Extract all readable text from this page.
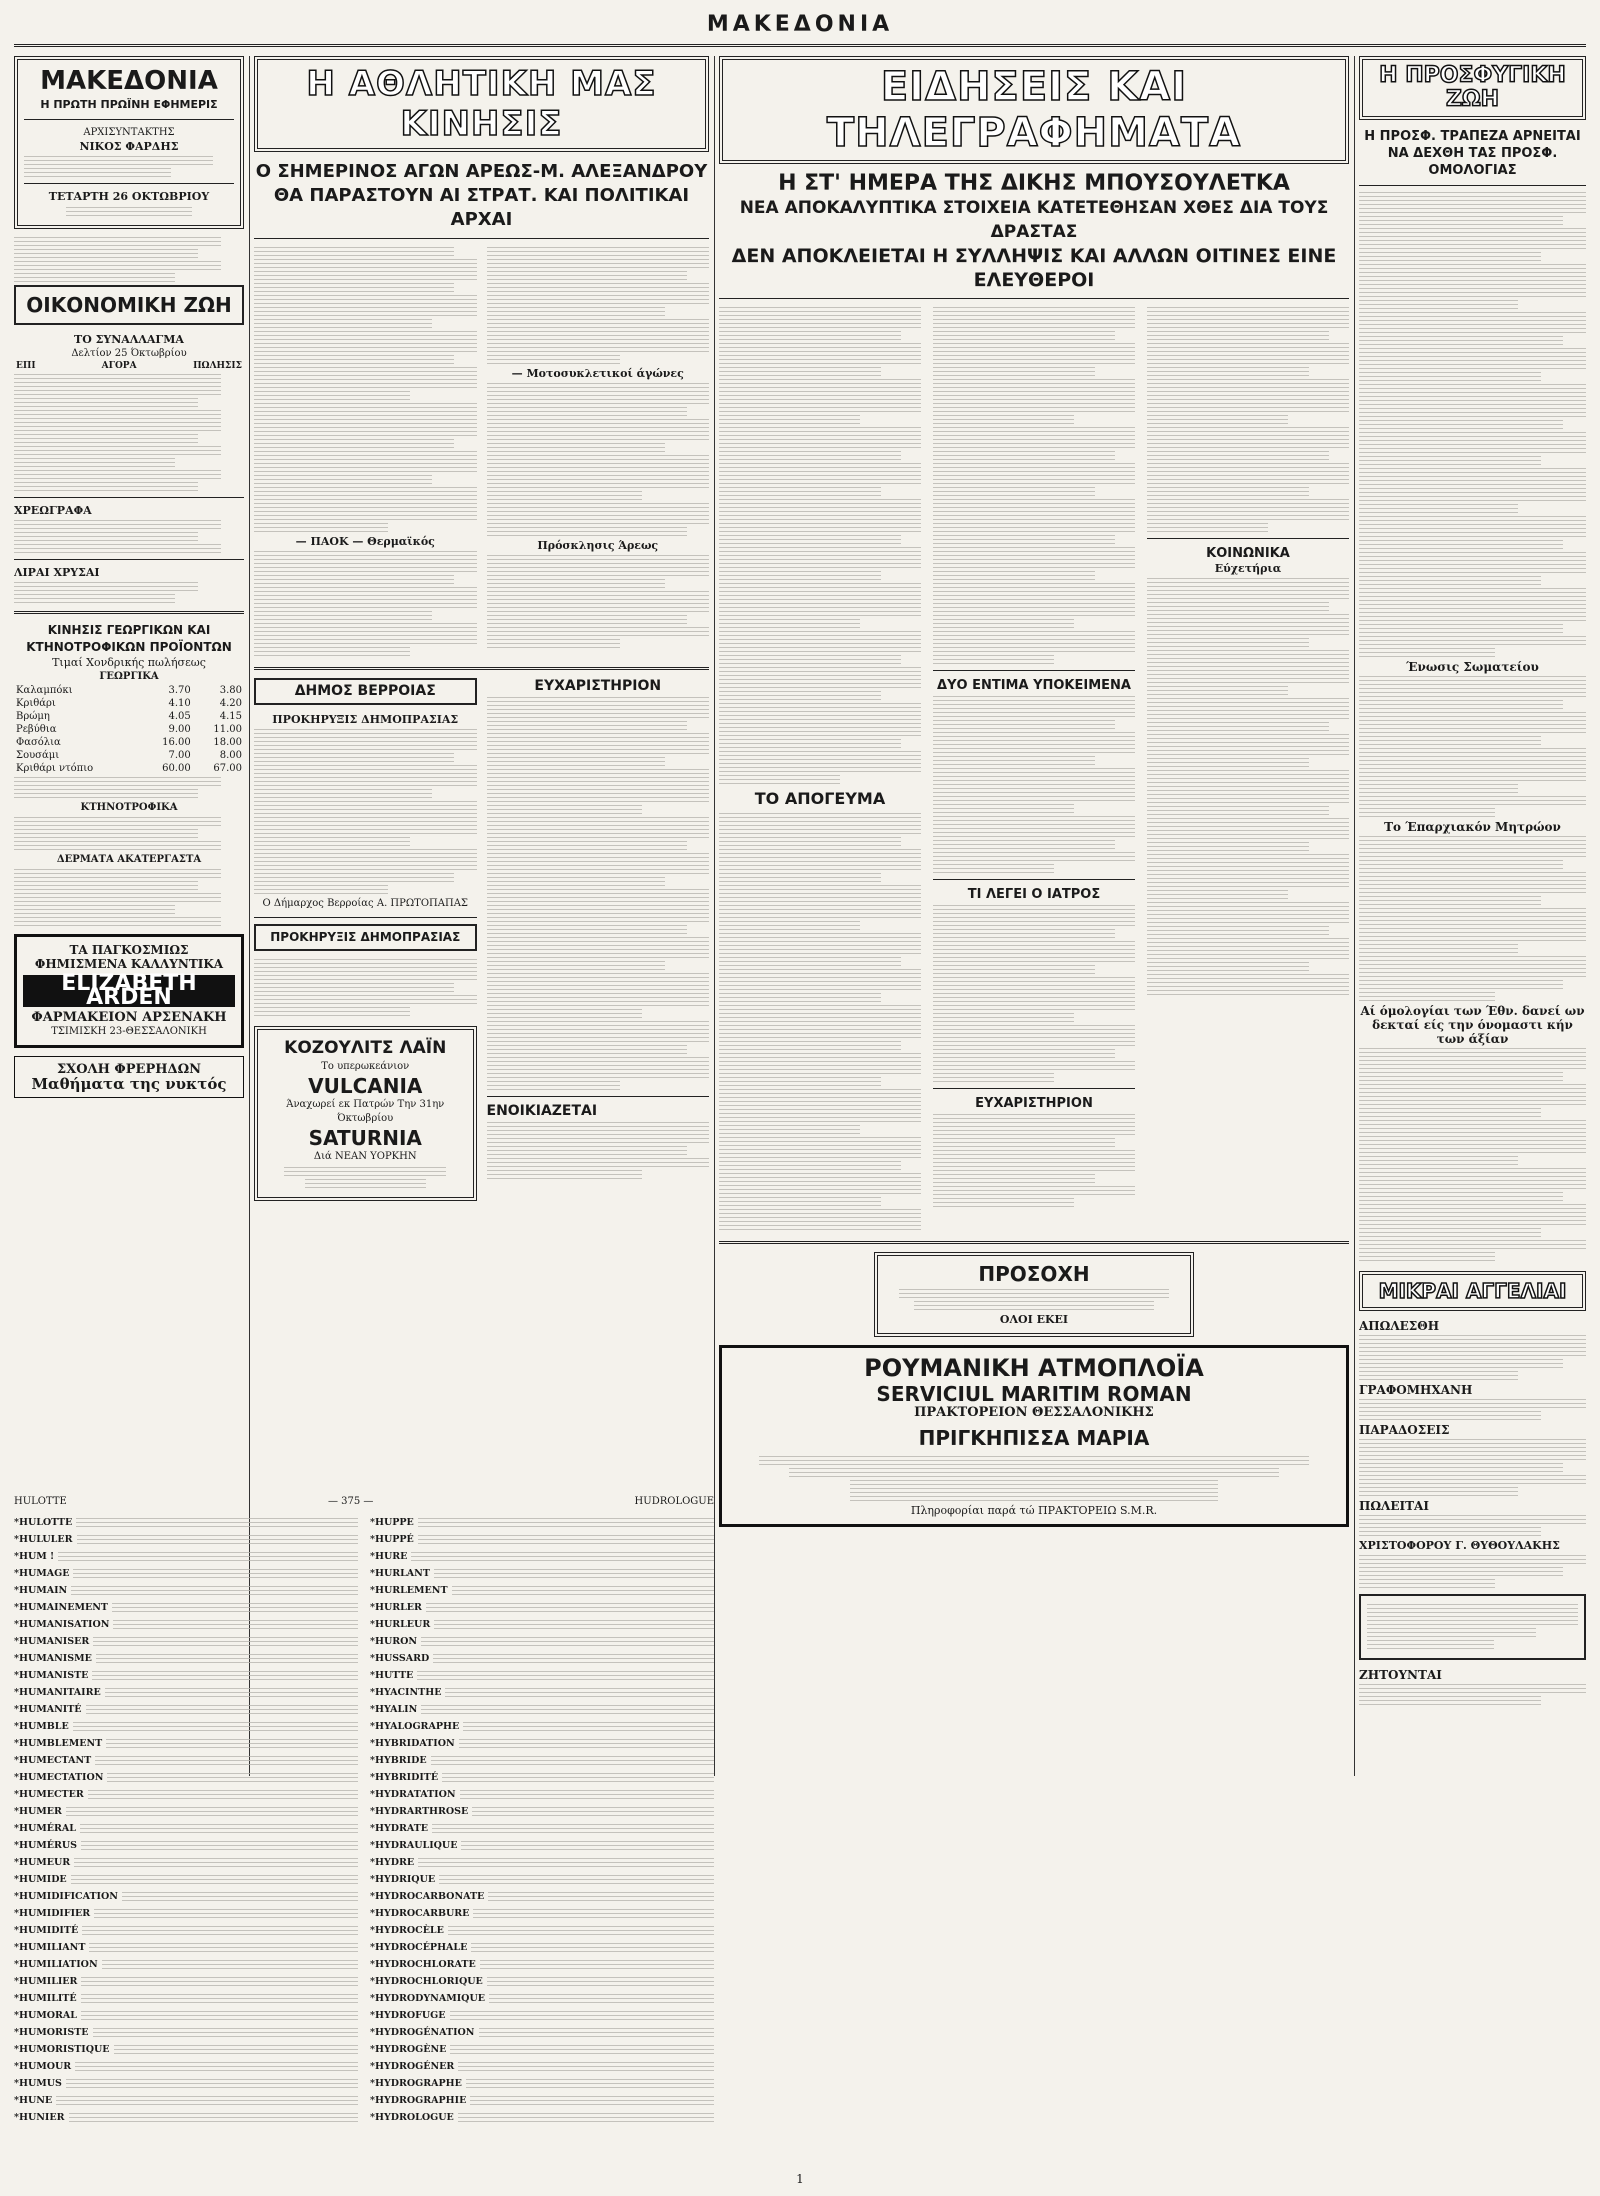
ΜΑΚΕΔΟΝΙΑ
ΜΑΚΕΔΟΝΙΑ
Η ΠΡΩΤΗ ΠΡΩΪΝΗ ΕΦΗΜΕΡΙΣ
ΑΡΧΙΣΥΝΤΑΚΤΗΣ
ΝΙΚΟΣ ΦΑΡΔΗΣ
ΤΕΤΑΡΤΗ 26 ΟΚΤΩΒΡΙΟΥ
ΟΙΚΟΝΟΜΙΚΗ ΖΩΗ
ΤΟ ΣΥΝΑΛΛΑΓΜΑ
Δελτίον 25 Όκτωβρίου
ΕΠΙ	ΑΓΟΡΑ	ΠΩΛΗΣΙΣ
ΧΡΕΩΓΡΑΦΑ
ΛΙΡΑΙ ΧΡΥΣΑΙ
ΚΙΝΗΣΙΣ ΓΕΩΡΓΙΚΩΝ ΚΑΙ ΚΤΗΝΟΤΡΟΦΙΚΩΝ ΠΡΟΪΟΝΤΩΝ
Τιμαί Χονδρικής πωλήσεως
ΓΕΩΡΓΙΚΑ
Καλαμπόκι	3.70	3.80
Κριθάρι	4.10	4.20
Βρώμη	4.05	4.15
Ρεβύθια	9.00	11.00
Φασόλια	16.00	18.00
Σουσάμι	7.00	8.00
Κριθάρι ντόπιο	60.00	67.00
ΚΤΗΝΟΤΡΟΦΙΚΑ
ΔΕΡΜΑΤΑ ΑΚΑΤΕΡΓΑΣΤΑ
ΤΑ ΠΑΓΚΟΣΜΙΩΣ ΦΗΜΙΣΜΕΝΑ ΚΑΛΛΥΝΤΙΚΑ
ELIZABETH ARDEN
ΦΑΡΜΑΚΕΙΟΝ ΑΡΣΕΝΑΚΗ
ΤΣΙΜΙΣΚΗ 23-ΘΕΣΣΑΛΟΝΙΚΗ
ΣΧΟΛΗ ΦΡΕΡΗΔΩΝ
Μαθήματα της νυκτός
Η ΑΘΛΗΤΙΚΗ ΜΑΣ ΚΙΝΗΣΙΣ
Ο ΣΗΜΕΡΙΝΟΣ ΑΓΩΝ ΑΡΕΩΣ-Μ. ΑΛΕΞΑΝΔΡΟΥ
ΘΑ ΠΑΡΑΣΤΟΥΝ ΑΙ ΣΤΡΑΤ. ΚΑΙ ΠΟΛΙΤΙΚΑΙ ΑΡΧΑΙ
— ΠΑΟΚ — Θερμαϊκός
— Μοτοσυκλετικοί άγώνες
Πρόσκλησις Άρεως
ΔΗΜΟΣ ΒΕΡΡΟΙΑΣ
ΠΡΟΚΗΡΥΞΙΣ ΔΗΜΟΠΡΑΣΙΑΣ
Ο Δήμαρχος Βερροίας Α. ΠΡΩΤΟΠΑΠΑΣ
ΠΡΟΚΗΡΥΞΙΣ ΔΗΜΟΠΡΑΣΙΑΣ
ΚΟΖΟΥΛΙΤΣ ΛΑΪΝ
Το υπερωκεάνιον
VULCANIA
Άναχωρεί εκ Πατρών Την 31ην Όκτωβρίου
SATURNIA
Διά ΝΕΑΝ ΥΟΡΚΗΝ
ΕΥΧΑΡΙΣΤΗΡΙΟΝ
ΕΝΟΙΚΙΑΖΕΤΑΙ
ΕΙΔΗΣΕΙΣ ΚΑΙ ΤΗΛΕΓΡΑΦΗΜΑΤΑ
Η ΣΤ' ΗΜΕΡΑ ΤΗΣ ΔΙΚΗΣ ΜΠΟΥΣΟΥΛΕΤΚΑ
ΝΕΑ ΑΠΟΚΑΛΥΠΤΙΚΑ ΣΤΟΙΧΕΙΑ ΚΑΤΕΤΕΘΗΣΑΝ ΧΘΕΣ ΔΙΑ ΤΟΥΣ ΔΡΑΣΤΑΣ
ΔΕΝ ΑΠΟΚΛΕΙΕΤΑΙ Η ΣΥΛΛΗΨΙΣ ΚΑΙ ΑΛΛΩΝ ΟΙΤΙΝΕΣ ΕΙΝΕ ΕΛΕΥΘΕΡΟΙ
ΤΟ ΑΠΟΓΕΥΜΑ
ΔΥΟ ΕΝΤΙΜΑ ΥΠΟΚΕΙΜΕΝΑ
ΤΙ ΛΕΓΕΙ Ο ΙΑΤΡΟΣ
ΕΥΧΑΡΙΣΤΗΡΙΟΝ
ΚΟΙΝΩΝΙΚΑ
Εύχετήρια
ΠΡΟΣΟΧΗ
ΟΛΟΙ ΕΚΕΙ
ΡΟΥΜΑΝΙΚΗ ΑΤΜΟΠΛΟΪΑ
SERVICIUL MARITIM ROMAN
ΠΡΑΚΤΟΡΕΙΟΝ ΘΕΣΣΑΛΟΝΙΚΗΣ
ΠΡΙΓΚΗΠΙΣΣΑ ΜΑΡΙΑ
Πληροφορίαι παρά τώ ΠΡΑΚΤΟΡΕΙΩ S.M.R.
Η ΠΡΟΣΦΥΓΙΚΗ
ΖΩΗ
Η ΠΡΟΣΦ. ΤΡΑΠΕΖΑ ΑΡΝΕΙΤΑΙ ΝΑ ΔΕΧΘΗ ΤΑΣ ΠΡΟΣΦ. ΟΜΟΛΟΓΙΑΣ
Ένωσις Σωματείου
Το Έπαρχιακόν Μητρώον
Αί όμολογίαι των Έθν. δανεί ων δεκταί είς την όνομαστι κήν των άξίαν
ΜΙΚΡΑΙ ΑΓΓΕΛΙΑΙ
ΑΠΩΛΕΣΘΗ
ΓΡΑΦΟΜΗΧΑΝΗ
ΠΑΡΑΔΟΣΕΙΣ
ΠΩΛΕΙΤΑΙ
ΧΡΙΣΤΟΦΟΡΟΥ Γ. ΘΥΘΟΥΛΑΚΗΣ
ΖΗΤΟΥΝΤΑΙ
HULOTTE	— 375 —	HUDROLOGUE
*HULOTTE
*HULULER
*HUM !
*HUMAGE
*HUMAIN
*HUMAINEMENT
*HUMANISATION
*HUMANISER
*HUMANISME
*HUMANISTE
*HUMANITAIRE
*HUMANITÉ
*HUMBLE
*HUMBLEMENT
*HUMECTANT
*HUMECTATION
*HUMECTER
*HUMER
*HUMÉRAL
*HUMÉRUS
*HUMEUR
*HUMIDE
*HUMIDIFICATION
*HUMIDIFIER
*HUMIDITÉ
*HUMILIANT
*HUMILIATION
*HUMILIER
*HUMILITÉ
*HUMORAL
*HUMORISTE
*HUMORISTIQUE
*HUMOUR
*HUMUS
*HUNE
*HUNIER
*HUPPE
*HUPPÉ
*HURE
*HURLANT
*HURLEMENT
*HURLER
*HURLEUR
*HURON
*HUSSARD
*HUTTE
*HYACINTHE
*HYALIN
*HYALOGRAPHE
*HYBRIDATION
*HYBRIDE
*HYBRIDITÉ
*HYDRATATION
*HYDRARTHROSE
*HYDRATE
*HYDRAULIQUE
*HYDRE
*HYDRIQUE
*HYDROCARBONATE
*HYDROCARBURE
*HYDROCÈLE
*HYDROCÉPHALE
*HYDROCHLORATE
*HYDROCHLORIQUE
*HYDRODYNAMIQUE
*HYDROFUGE
*HYDROGÉNATION
*HYDROGÈNE
*HYDROGÉNER
*HYDROGRAPHE
*HYDROGRAPHIE
*HYDROLOGUE
1
